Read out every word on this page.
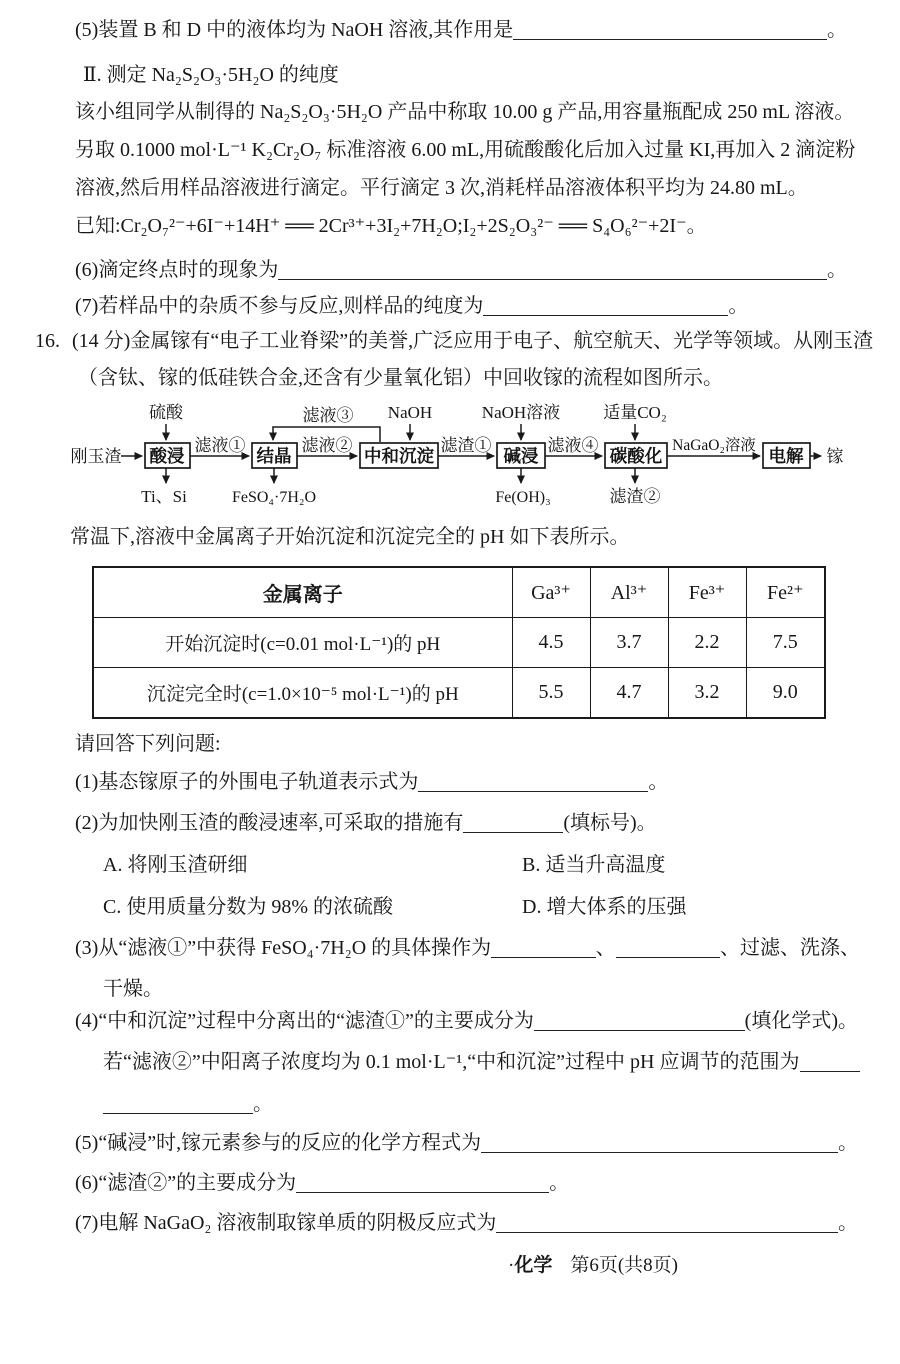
(5)装置 B 和 D 中的液体均为 NaOH 溶液,其作用是	。
Ⅱ. 测定 Na₂S₂O₃·5H₂O 的纯度
该小组同学从制得的 Na₂S₂O₃·5H₂O 产品中称取 10.00 g 产品,用容量瓶配成 250 mL 溶液。
另取 0.1000 mol·L⁻¹ K₂Cr₂O₇ 标准溶液 6.00 mL,用硫酸酸化后加入过量 KI,再加入 2 滴淀粉
溶液,然后用样品溶液进行滴定。平行滴定 3 次,消耗样品溶液体积平均为 24.80 mL。
已知:Cr₂O₇²⁻+6I⁻+14H⁺ ══ 2Cr³⁺+3I₂+7H₂O;I₂+2S₂O₃²⁻ ══ S₄O₆²⁻+2I⁻。
(6)滴定终点时的现象为	。
(7)若样品中的杂质不参与反应,则样品的纯度为	。
16. (14 分)金属镓有“电子工业脊梁”的美誉,广泛应用于电子、航空航天、光学等领域。从刚玉渣
（含钛、镓的低硅铁合金,还含有少量氧化铝）中回收镓的流程如图所示。
酸浸	结晶	中和沉淀	碱浸	碳酸化	电解
刚玉渣	镓
硫酸	滤液③ NaOH	NaOH溶液	适量CO₂
Ti、Si	FeSO₄·7H₂O	Fe(OH)₃	滤渣②
滤液①	滤液②	滤渣①	滤液④	NaGaO₂溶液
常温下,溶液中金属离子开始沉淀和沉淀完全的 pH 如下表所示。
金属离子	Ga³⁺	Al³⁺	Fe³⁺	Fe²⁺
开始沉淀时(c=0.01 mol·L⁻¹)的 pH	4.5	3.7	2.2	7.5
沉淀完全时(c=1.0×10⁻⁵ mol·L⁻¹)的 pH	5.5	4.7	3.2	9.0
请回答下列问题:
(1)基态镓原子的外围电子轨道表示式为	。
(2)为加快刚玉渣的酸浸速率,可采取的措施有	(填标号)。
A. 将刚玉渣研细	B. 适当升高温度
C. 使用质量分数为 98% 的浓硫酸	D. 增大体系的压强
(3)从“滤液①”中获得 FeSO₄·7H₂O 的具体操作为	、	、过滤、洗涤、
干燥。
(4)“中和沉淀”过程中分离出的“滤渣①”的主要成分为	(填化学式)。
若“滤液②”中阳离子浓度均为 0.1 mol·L⁻¹,“中和沉淀”过程中 pH 应调节的范围为
。
(5)“碱浸”时,镓元素参与的反应的化学方程式为	。
(6)“滤渣②”的主要成分为	。
(7)电解 NaGaO₂ 溶液制取镓单质的阴极反应式为	。
·化学 第6页(共8页)
